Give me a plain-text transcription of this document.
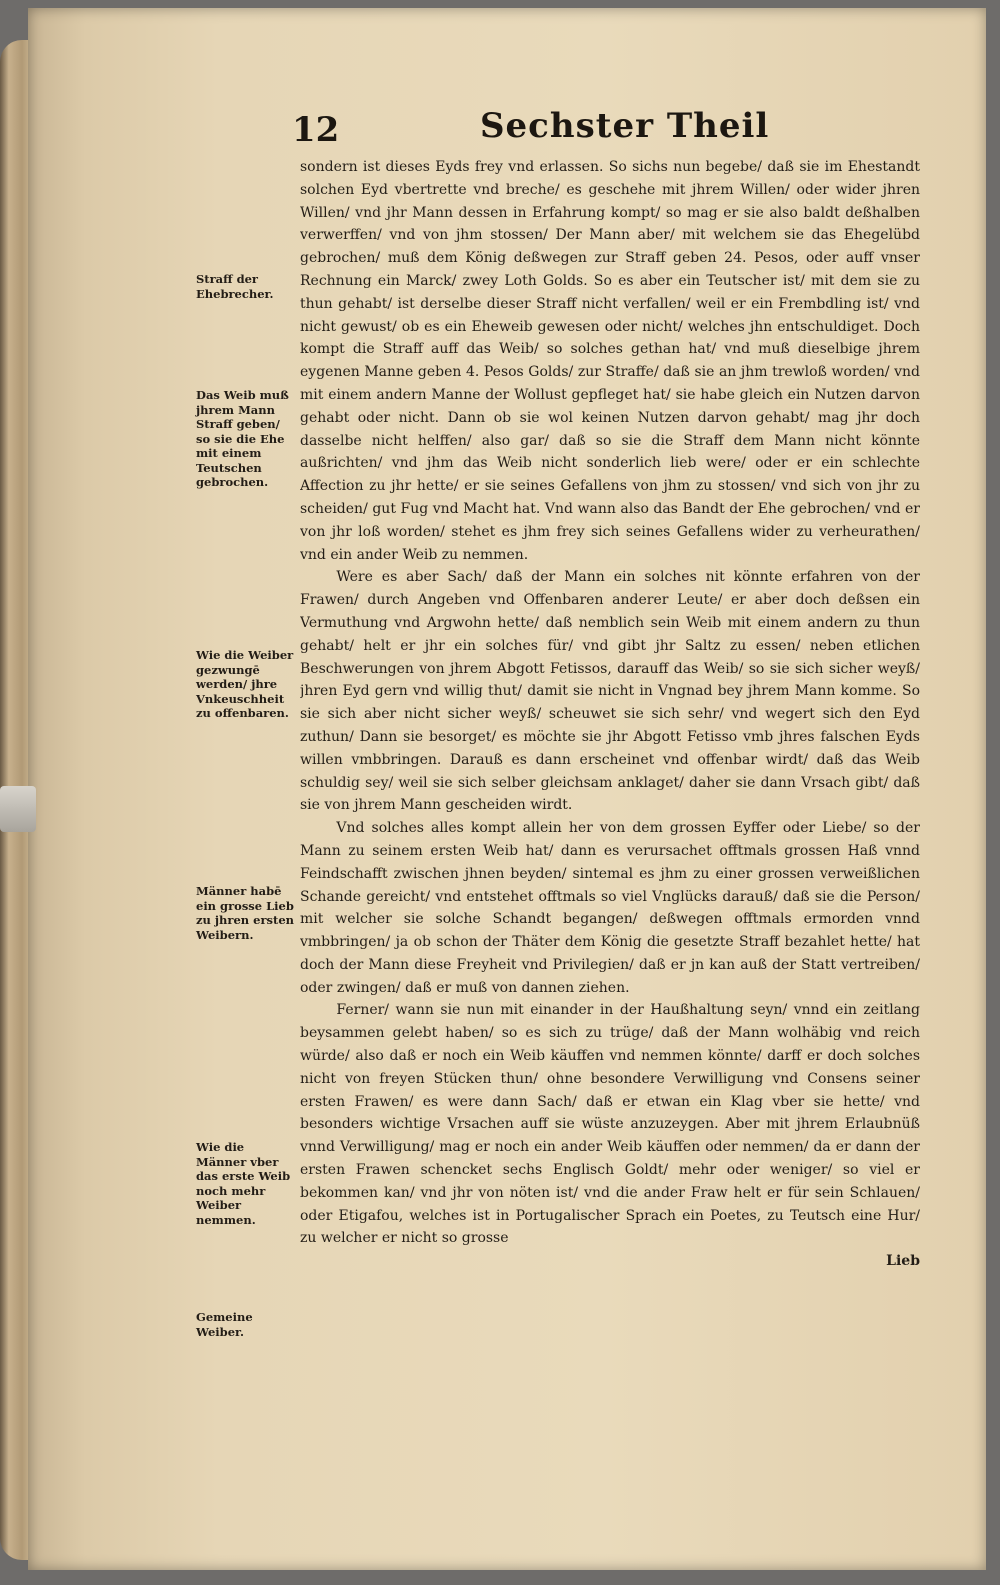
12	Sechster Theil
Straff der Ehebrecher.
Das Weib muß jhrem Mann Straff geben/ so sie die Ehe mit einem Teutschen gebrochen.
Wie die Weiber gezwungē werden/ jhre Vnkeuschheit zu offenbaren.
Männer habē ein grosse Lieb zu jhren ersten Weibern.
Wie die Männer vber das erste Weib noch mehr Weiber nemmen.
Gemeine Weiber.

sondern ist dieses Eyds frey vnd erlassen. So sichs nun begebe/ daß sie im Ehestandt solchen Eyd vbertrette vnd breche/ es geschehe mit jhrem Willen/ oder wider jhren Willen/ vnd jhr Mann dessen in Erfahrung kompt/ so mag er sie also baldt deßhalben verwerffen/ vnd von jhm stossen/ Der Mann aber/ mit welchem sie das Ehegelübd gebrochen/ muß dem König deßwegen zur Straff geben 24. Pesos, oder auff vnser Rechnung ein Marck/ zwey Loth Golds. So es aber ein Teutscher ist/ mit dem sie zu thun gehabt/ ist derselbe dieser Straff nicht verfallen/ weil er ein Frembdling ist/ vnd nicht gewust/ ob es ein Eheweib gewesen oder nicht/ welches jhn entschuldiget. Doch kompt die Straff auff das Weib/ so solches gethan hat/ vnd muß dieselbige jhrem eygenen Manne geben 4. Pesos Golds/ zur Straffe/ daß sie an jhm trewloß worden/ vnd mit einem andern Manne der Wollust gepfleget hat/ sie habe gleich ein Nutzen darvon gehabt oder nicht. Dann ob sie wol keinen Nutzen darvon gehabt/ mag jhr doch dasselbe nicht helffen/ also gar/ daß so sie die Straff dem Mann nicht könnte außrichten/ vnd jhm das Weib nicht sonderlich lieb were/ oder er ein schlechte Affection zu jhr hette/ er sie seines Gefallens von jhm zu stossen/ vnd sich von jhr zu scheiden/ gut Fug vnd Macht hat. Vnd wann also das Bandt der Ehe gebrochen/ vnd er von jhr loß worden/ stehet es jhm frey sich seines Gefallens wider zu verheurathen/ vnd ein ander Weib zu nemmen.

Were es aber Sach/ daß der Mann ein solches nit könnte erfahren von der Frawen/ durch Angeben vnd Offenbaren anderer Leute/ er aber doch deßsen ein Vermuthung vnd Argwohn hette/ daß nemblich sein Weib mit einem andern zu thun gehabt/ helt er jhr ein solches für/ vnd gibt jhr Saltz zu essen/ neben etlichen Beschwerungen von jhrem Abgott Fetissos, darauff das Weib/ so sie sich sicher weyß/ jhren Eyd gern vnd willig thut/ damit sie nicht in Vngnad bey jhrem Mann komme. So sie sich aber nicht sicher weyß/ scheuwet sie sich sehr/ vnd wegert sich den Eyd zuthun/ Dann sie besorget/ es möchte sie jhr Abgott Fetisso vmb jhres falschen Eyds willen vmbbringen. Darauß es dann erscheinet vnd offenbar wirdt/ daß das Weib schuldig sey/ weil sie sich selber gleichsam anklaget/ daher sie dann Vrsach gibt/ daß sie von jhrem Mann gescheiden wirdt.

Vnd solches alles kompt allein her von dem grossen Eyffer oder Liebe/ so der Mann zu seinem ersten Weib hat/ dann es verursachet offtmals grossen Haß vnnd Feindschafft zwischen jhnen beyden/ sintemal es jhm zu einer grossen verweißlichen Schande gereicht/ vnd entstehet offtmals so viel Vnglücks darauß/ daß sie die Person/ mit welcher sie solche Schandt begangen/ deßwegen offtmals ermorden vnnd vmbbringen/ ja ob schon der Thäter dem König die gesetzte Straff bezahlet hette/ hat doch der Mann diese Freyheit vnd Privilegien/ daß er jn kan auß der Statt vertreiben/ oder zwingen/ daß er muß von dannen ziehen.

Ferner/ wann sie nun mit einander in der Haußhaltung seyn/ vnnd ein zeitlang beysammen gelebt haben/ so es sich zu trüge/ daß der Mann wolhäbig vnd reich würde/ also daß er noch ein Weib käuffen vnd nemmen könnte/ darff er doch solches nicht von freyen Stücken thun/ ohne besondere Verwilligung vnd Consens seiner ersten Frawen/ es were dann Sach/ daß er etwan ein Klag vber sie hette/ vnd besonders wichtige Vrsachen auff sie wüste anzuzeygen. Aber mit jhrem Erlaubnüß vnnd Verwilligung/ mag er noch ein ander Weib käuffen oder nemmen/ da er dann der ersten Frawen schencket sechs Englisch Goldt/ mehr oder weniger/ so viel er bekommen kan/ vnd jhr von nöten ist/ vnd die ander Fraw helt er für sein Schlauen/ oder Etigafou, welches ist in Portugalischer Sprach ein Poetes, zu Teutsch eine Hur/ zu welcher er nicht so grosse

Lieb
